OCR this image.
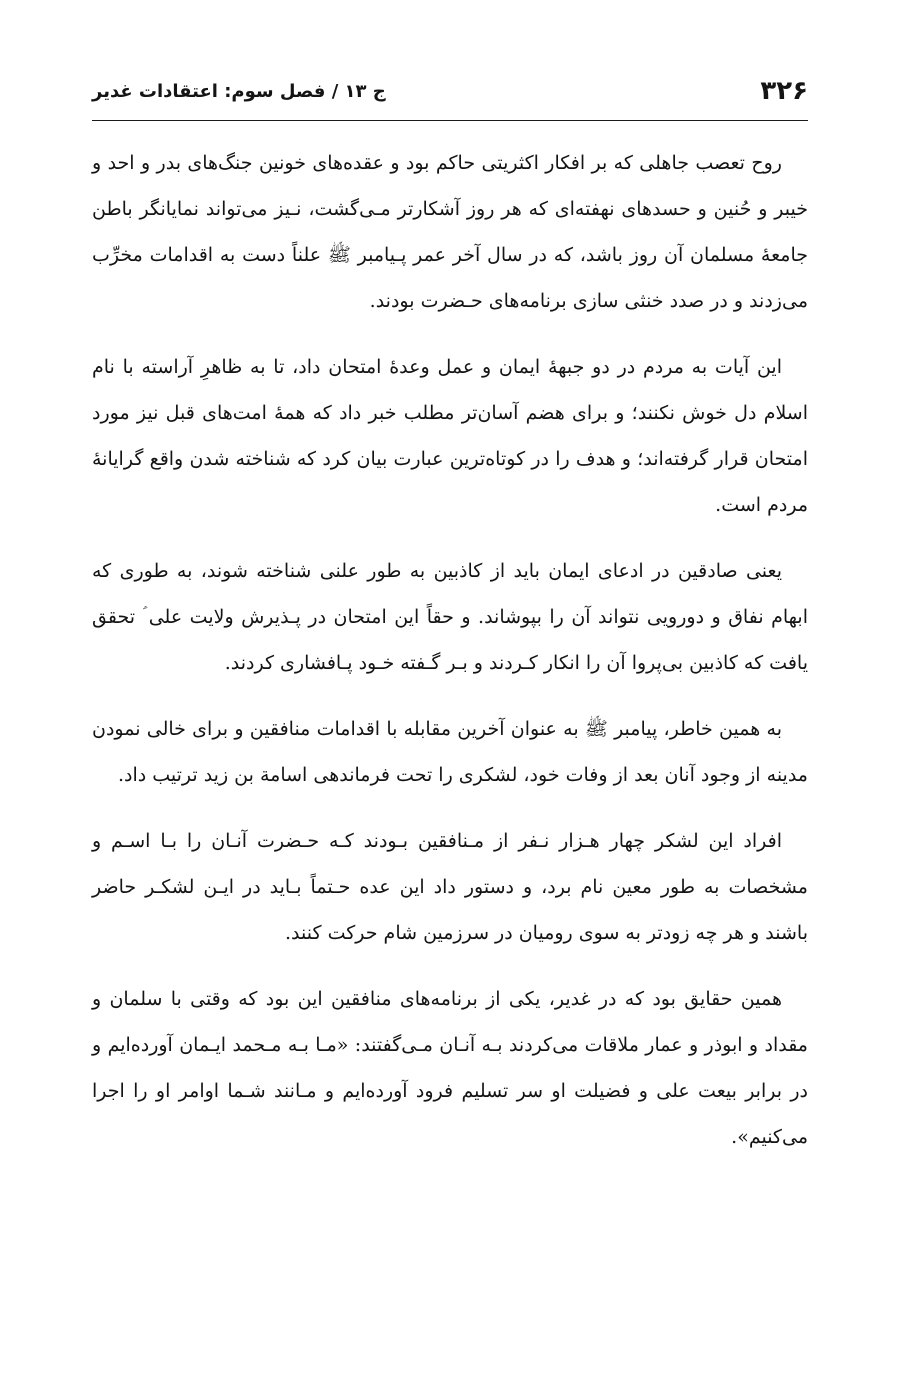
۳۲۶
ج ۱۳ / فصل سوم: اعتقادات غدیر

روح تعصب جاهلی که بر افکار اکثریتی حاکم بود و عقده‌های خونین جنگ‌های بدر و احد و خیبر و حُنین و حسدهای نهفته‌ای که هر روز آشکارتر مـی‌گشت، نـیز می‌تواند نمایانگر باطن جامعهٔ مسلمان آن روز باشد، که در سال آخر عمر پـیامبر ﷺ علناً دست به اقدامات مخرِّب می‌زدند و در صدد خنثی سازی برنامه‌های حـضرت بودند.

این آیات به مردم در دو جبههٔ ایمان و عمل وعدهٔ امتحان داد، تا به ظاهرِ آراسته با نام اسلام دل خوش نکنند؛ و برای هضم آسان‌تر مطلب خبر داد که همهٔ امت‌های قبل نیز مورد امتحان قرار گرفته‌اند؛ و هدف را در کوتاه‌ترین عبارت بیان کرد که شناخته شدن واقع گرایانهٔ مردم است.

یعنی صادقین در ادعای ایمان باید از کاذبین به طور علنی شناخته شوند، به طوری که ابهام نفاق و دورویی نتواند آن را بپوشاند. و حقاً این امتحان در پـذیرش ولایت علی ؑ تحقق یافت که کاذبین بی‌پروا آن را انکار کـردند و بـر گـفته خـود پـافشاری کردند.

به همین خاطر، پیامبر ﷺ به عنوان آخرین مقابله با اقدامات منافقین و برای خالی نمودن مدینه از وجود آنان بعد از وفات خود، لشکری را تحت فرماندهی اسامة بن زید ترتیب داد.

افراد این لشکر چهار هـزار نـفر از مـنافقین بـودند کـه حـضرت آنـان را بـا اسـم و مشخصات به طور معین نام برد، و دستور داد این عده حـتماً بـاید در ایـن لشکـر حاضر باشند و هر چه زودتر به سوی رومیان در سرزمین شام حرکت کنند.

همین حقایق بود که در غدیر، یکی از برنامه‌های منافقین این بود که وقتی با سلمان و مقداد و ابوذر و عمار ملاقات می‌کردند بـه آنـان مـی‌گفتند: «مـا بـه مـحمد ایـمان آورده‌ایم و در برابر بیعت علی و فضیلت او سر تسلیم فرود آورده‌ایم و مـانند شـما اوامر او را اجرا می‌کنیم».
